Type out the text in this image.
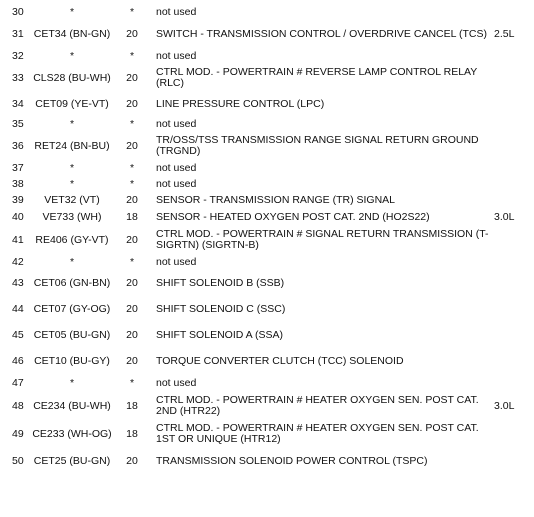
30	*	*	not used	
31	CET34 (BN-GN)	20	SWITCH - TRANSMISSION CONTROL / OVERDRIVE CANCEL (TCS)	2.5L
32	*	*	not used	
33	CLS28 (BU-WH)	20	CTRL MOD. - POWERTRAIN # REVERSE LAMP CONTROL RELAY (RLC)	
34	CET09 (YE-VT)	20	LINE PRESSURE CONTROL (LPC)	
35	*	*	not used	
36	RET24 (BN-BU)	20	TR/OSS/TSS TRANSMISSION RANGE SIGNAL RETURN GROUND (TRGND)	
37	*	*	not used	
38	*	*	not used	
39	VET32 (VT)	20	SENSOR - TRANSMISSION RANGE (TR) SIGNAL	
40	VE733 (WH)	18	SENSOR - HEATED OXYGEN POST CAT. 2ND (HO2S22)	3.0L
41	RE406 (GY-VT)	20	CTRL MOD. - POWERTRAIN # SIGNAL RETURN TRANSMISSION (T-SIGRTN) (SIGRTN-B)	
42	*	*	not used	
43	CET06 (GN-BN)	20	SHIFT SOLENOID B (SSB)	
44	CET07 (GY-OG)	20	SHIFT SOLENOID C (SSC)	
45	CET05 (BU-GN)	20	SHIFT SOLENOID A (SSA)	
46	CET10 (BU-GY)	20	TORQUE CONVERTER CLUTCH (TCC) SOLENOID	
47	*	*	not used	
48	CE234 (BU-WH)	18	CTRL MOD. - POWERTRAIN # HEATER OXYGEN SEN. POST CAT. 2ND (HTR22)	3.0L
49	CE233 (WH-OG)	18	CTRL MOD. - POWERTRAIN # HEATER OXYGEN SEN. POST CAT. 1ST OR UNIQUE (HTR12)	
50	CET25 (BU-GN)	20	TRANSMISSION SOLENOID POWER CONTROL (TSPC)	
